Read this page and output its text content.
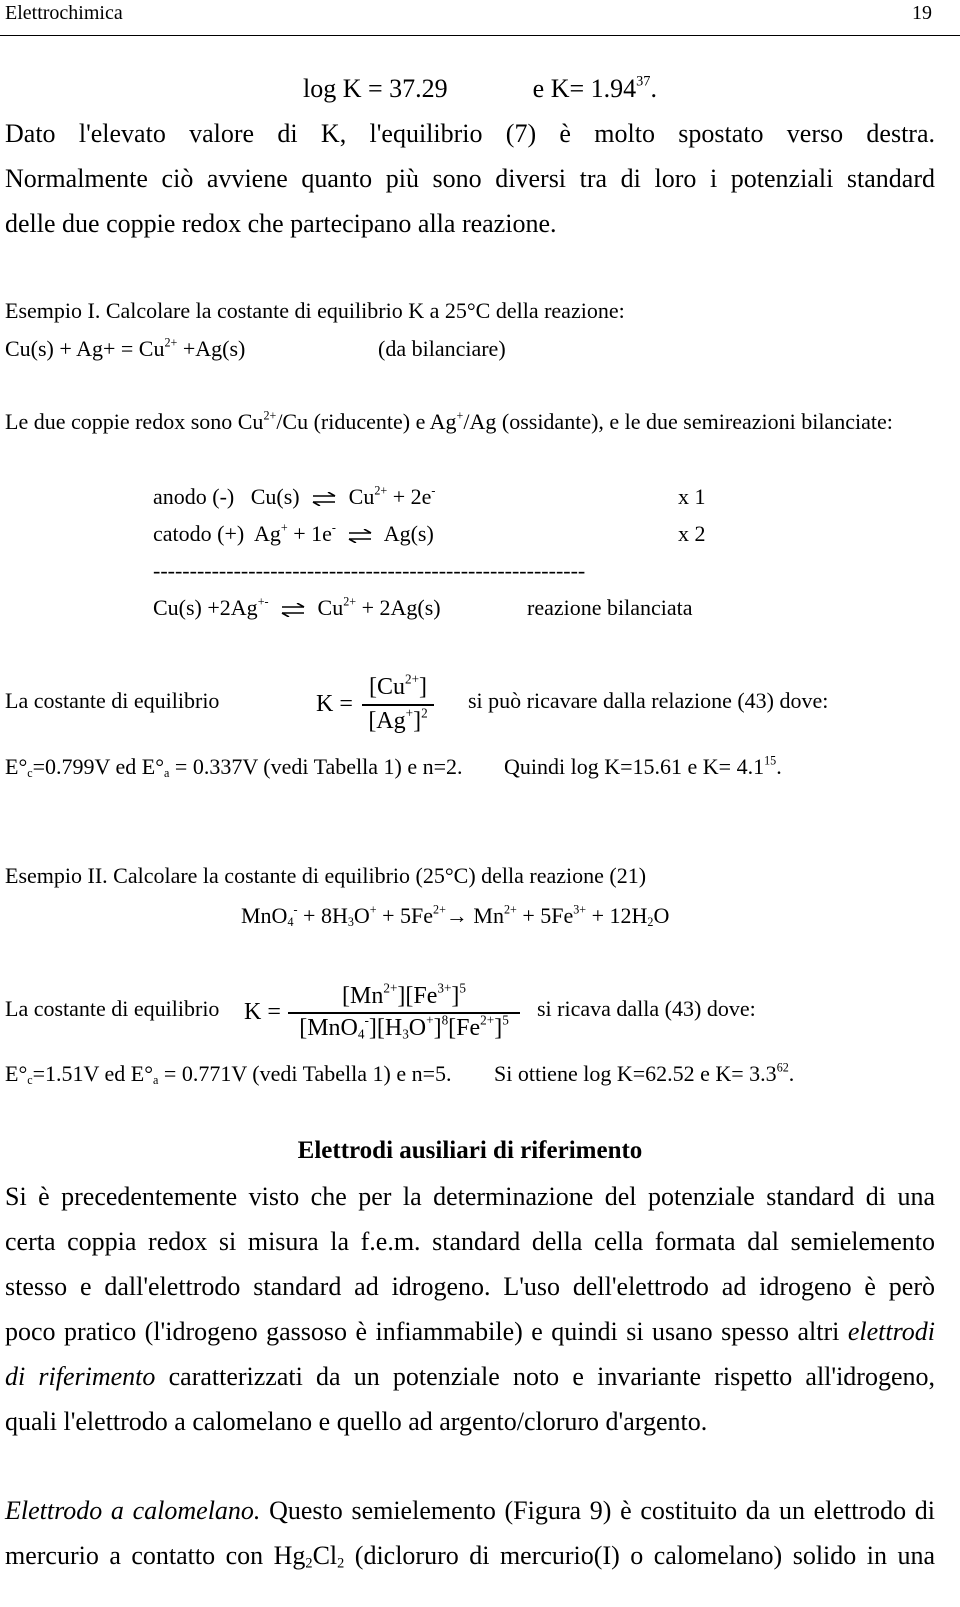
Elettrochimica	19
log K = 37.29	e $K= 1.94^{37}$.
Dato l'elevato valore di K, l'equilibrio (7) è molto spostato verso destra.
Normalmente ciò avviene quanto più sono diversi tra di loro i potenziali standard
delle due coppie redox che partecipano alla reazione.
Esempio I. Calcolare la costante di equilibrio K a 25°C della reazione:
$Cu(s) + Ag+ = Cu^{2+} +Ag(s)$	(da bilanciare)
Le due coppie redox sono $Cu^{2+}/Cu$ (riducente) e Ag+/Ag (ossidante), e le due semireazioni bilanciate:
anodo (-) Cu(s) ⇌ $Cu^{2+} + 2e^-$	x 1
catodo (+) Ag+ + 1e- ⇌ Ag(s)	x 2
-----------------------------------------------------------
Cu(s) +2Ag+- ⇌ $Cu^{2+} + 2Ag(s)$	reazione bilanciata
La costante di equilibrio	K =
$[Cu^{2+}]$
$[Ag^+]^2$ si può ricavare dalla relazione (43) dove:
$E^\circ_c=0.799V$ ed $E^\circ_a = 0.337V$ (vedi Tabella 1) e n=2. Quindi log K=15.61 e $K= 4.1^{15}$.
Esempio II. Calcolare la costante di equilibrio (25°C) della reazione (21)
$MnO_4^- + 8H_3O^+ + 5Fe^{2+}\to Mn^{2+} + 5Fe^{3+} + 12H_2O$
La costante di equilibrio K =
$[Mn^{2+}][Fe^{3+}]^5$
$[MnO_4^-][H_3O^+]^8[Fe^{2+}]^5$	si ricava dalla (43) dove:
$E^\circ_c=1.51V$ ed $E^\circ_a = 0.771V$ (vedi Tabella 1) e n=5. Si ottiene log K=62.52 e $K= 3.3^{62}$.
Elettrodi ausiliari di riferimento
Si è precedentemente visto che per la determinazione del potenziale standard di una
certa coppia redox si misura la f.e.m. standard della cella formata dal semielemento
stesso e dall'elettrodo standard ad idrogeno. L'uso dell'elettrodo ad idrogeno è però
poco pratico (l'idrogeno gassoso è infiammabile) e quindi si usano spesso altri elettrodi
di riferimento caratterizzati da un potenziale noto e invariante rispetto all'idrogeno,
quali l'elettrodo a calomelano e quello ad argento/cloruro d'argento.
Elettrodo a calomelano. Questo semielemento (Figura 9) è costituito da un elettrodo di
mercurio a contatto con $Hg_2Cl_2$ (dicloruro di mercurio(I) o calomelano) solido in una
